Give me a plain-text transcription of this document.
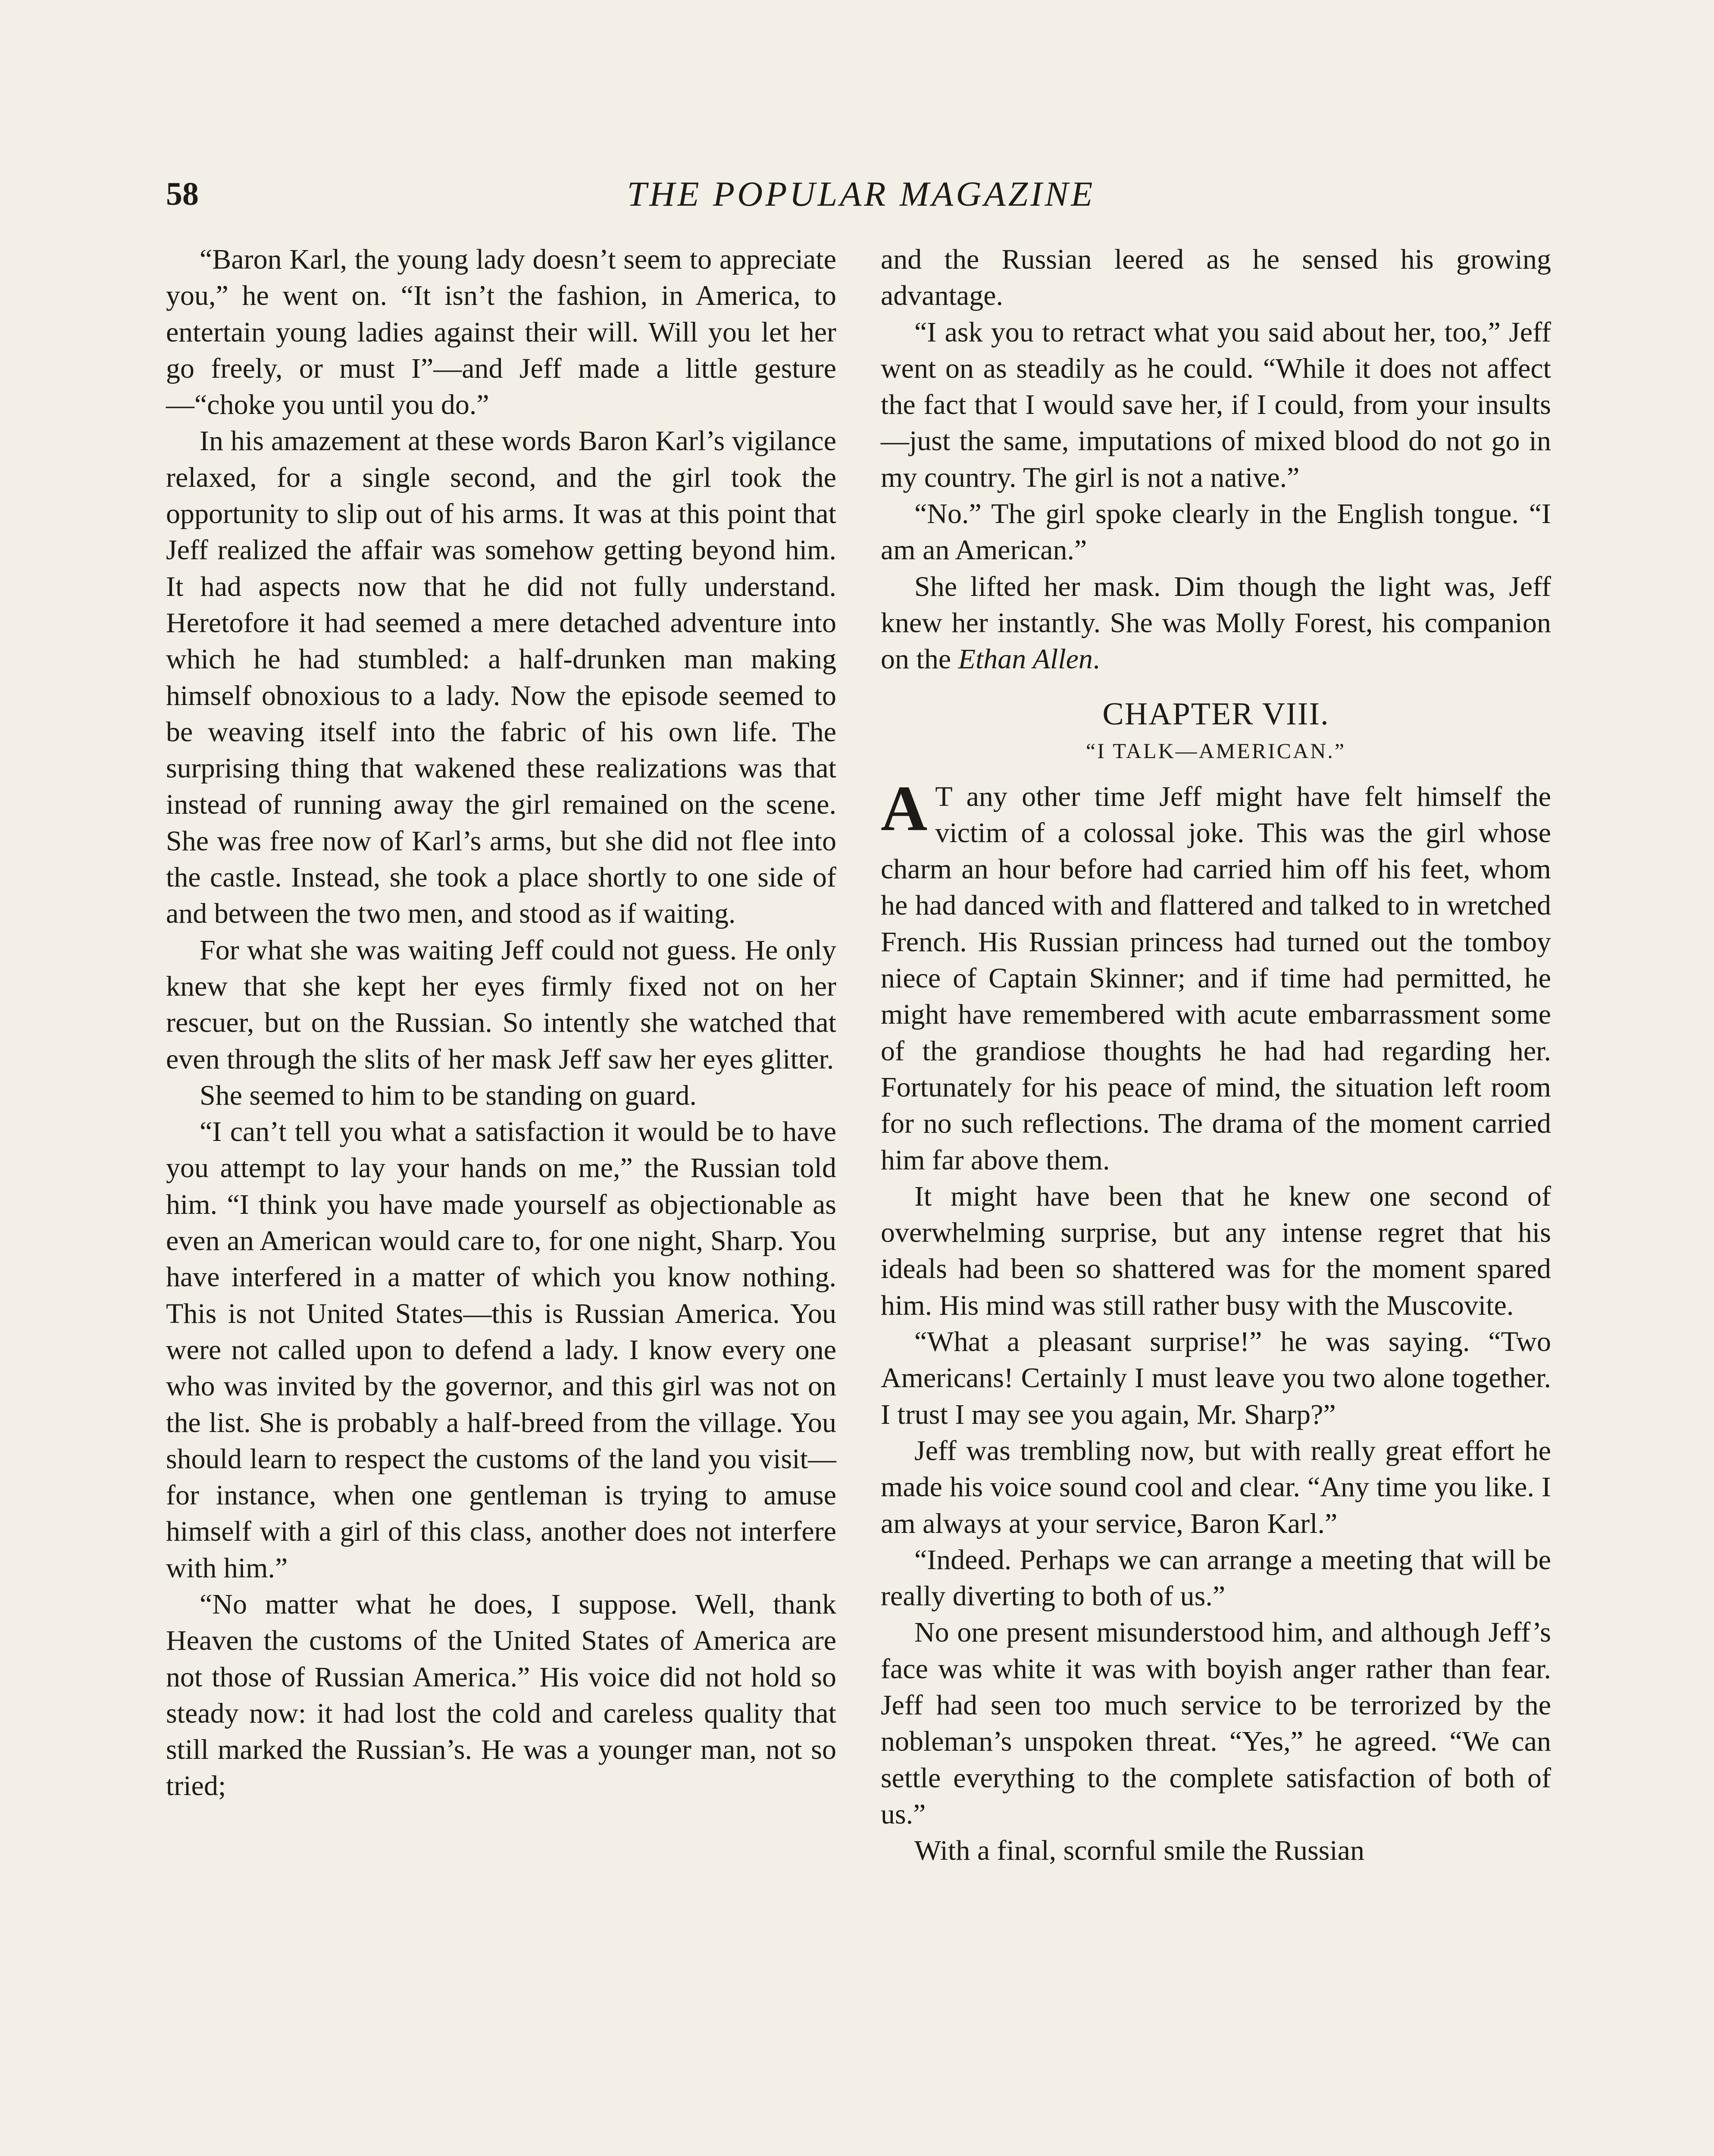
58	THE POPULAR MAGAZINE

“Baron Karl, the young lady doesn’t seem to appreciate you,” he went on. “It isn’t the fashion, in America, to entertain young ladies against their will. Will you let her go freely, or must I”—and Jeff made a little gesture—“choke you until you do.”

In his amazement at these words Baron Karl’s vigilance relaxed, for a single second, and the girl took the opportunity to slip out of his arms. It was at this point that Jeff realized the affair was somehow getting beyond him. It had aspects now that he did not fully understand. Heretofore it had seemed a mere detached adventure into which he had stumbled: a half-drunken man making himself obnoxious to a lady. Now the episode seemed to be weaving itself into the fabric of his own life. The surprising thing that wakened these realizations was that instead of running away the girl remained on the scene. She was free now of Karl’s arms, but she did not flee into the castle. Instead, she took a place shortly to one side of and between the two men, and stood as if waiting.

For what she was waiting Jeff could not guess. He only knew that she kept her eyes firmly fixed not on her rescuer, but on the Russian. So intently she watched that even through the slits of her mask Jeff saw her eyes glitter.

She seemed to him to be standing on guard.

“I can’t tell you what a satisfaction it would be to have you attempt to lay your hands on me,” the Russian told him. “I think you have made yourself as objectionable as even an American would care to, for one night, Sharp. You have interfered in a matter of which you know nothing. This is not United States—this is Russian America. You were not called upon to defend a lady. I know every one who was invited by the governor, and this girl was not on the list. She is probably a half-breed from the village. You should learn to respect the customs of the land you visit—for instance, when one gentleman is trying to amuse himself with a girl of this class, another does not interfere with him.”

“No matter what he does, I suppose. Well, thank Heaven the customs of the United States of America are not those of Russian America.” His voice did not hold so steady now: it had lost the cold and careless quality that still marked the Russian’s. He was a younger man, not so tried;

and the Russian leered as he sensed his growing advantage.

“I ask you to retract what you said about her, too,” Jeff went on as steadily as he could. “While it does not affect the fact that I would save her, if I could, from your insults—just the same, imputations of mixed blood do not go in my country. The girl is not a native.”

“No.” The girl spoke clearly in the English tongue. “I am an American.”

She lifted her mask. Dim though the light was, Jeff knew her instantly. She was Molly Forest, his companion on the Ethan Allen.

CHAPTER VIII.
“I TALK—AMERICAN.”

A T any other time Jeff might have felt himself the victim of a colossal joke. This was the girl whose charm an hour before had carried him off his feet, whom he had danced with and flattered and talked to in wretched French. His Russian princess had turned out the tomboy niece of Captain Skinner; and if time had permitted, he might have remembered with acute embarrassment some of the grandiose thoughts he had had regarding her. Fortunately for his peace of mind, the situation left room for no such reflections. The drama of the moment carried him far above them.

It might have been that he knew one second of overwhelming surprise, but any intense regret that his ideals had been so shattered was for the moment spared him. His mind was still rather busy with the Muscovite.

“What a pleasant surprise!” he was saying. “Two Americans! Certainly I must leave you two alone together. I trust I may see you again, Mr. Sharp?”

Jeff was trembling now, but with really great effort he made his voice sound cool and clear. “Any time you like. I am always at your service, Baron Karl.”

“Indeed. Perhaps we can arrange a meeting that will be really diverting to both of us.”

No one present misunderstood him, and although Jeff’s face was white it was with boyish anger rather than fear. Jeff had seen too much service to be terrorized by the nobleman’s unspoken threat. “Yes,” he agreed. “We can settle everything to the complete satisfaction of both of us.”

With a final, scornful smile the Russian
